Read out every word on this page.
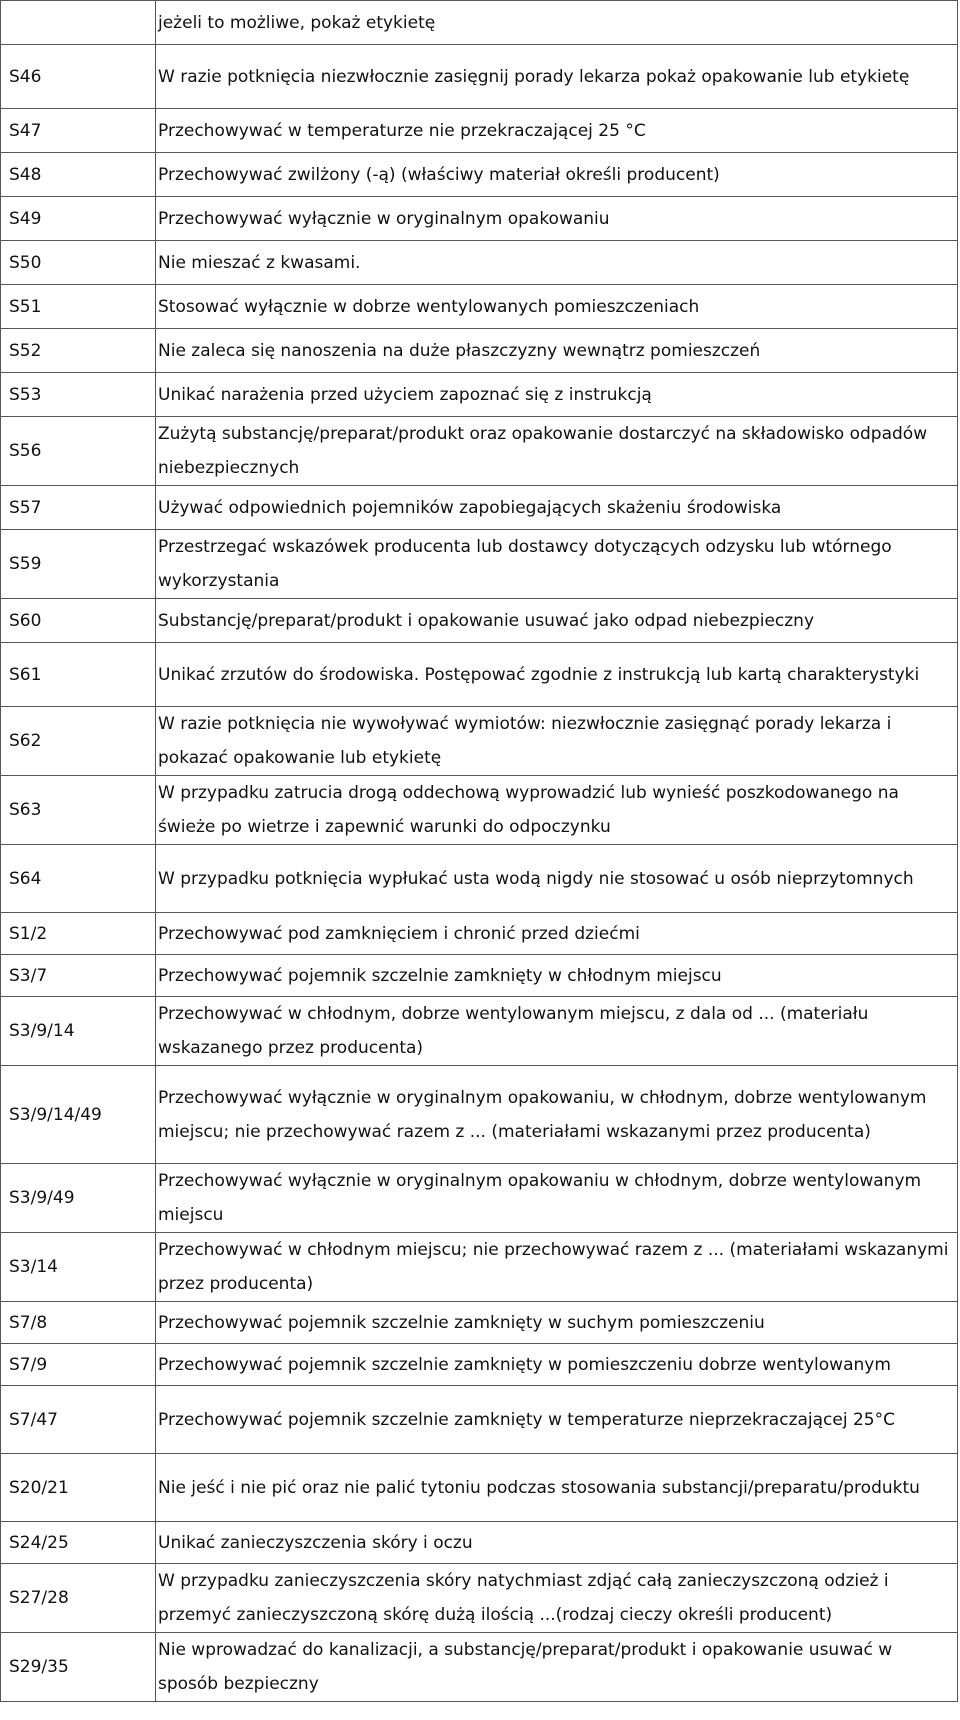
	jeżeli to możliwe, pokaż etykietę
S46	W razie potknięcia niezwłocznie zasięgnij porady lekarza pokaż opakowanie lub etykietę
S47	Przechowywać w temperaturze nie przekraczającej 25 °C
S48	Przechowywać zwilżony (-ą) (właściwy materiał określi producent)
S49	Przechowywać wyłącznie w oryginalnym opakowaniu
S50	Nie mieszać z kwasami.
S51	Stosować wyłącznie w dobrze wentylowanych pomieszczeniach
S52	Nie zaleca się nanoszenia na duże płaszczyzny wewnątrz pomieszczeń
S53	Unikać narażenia przed użyciem zapoznać się z instrukcją
S56	Zużytą substancję/preparat/produkt oraz opakowanie dostarczyć na składowisko odpadów niebezpiecznych
S57	Używać odpowiednich pojemników zapobiegających skażeniu środowiska
S59	Przestrzegać wskazówek producenta lub dostawcy dotyczących odzysku lub wtórnego wykorzystania
S60	Substancję/preparat/produkt i opakowanie usuwać jako odpad niebezpieczny
S61	Unikać zrzutów do środowiska. Postępować zgodnie z instrukcją lub kartą charakterystyki
S62	W razie potknięcia nie wywoływać wymiotów: niezwłocznie zasięgnąć porady lekarza i pokazać opakowanie lub etykietę
S63	W przypadku zatrucia drogą oddechową wyprowadzić lub wynieść poszkodowanego na świeże po wietrze i zapewnić warunki do odpoczynku
S64	W przypadku potknięcia wypłukać usta wodą nigdy nie stosować u osób nieprzytomnych
S1/2	Przechowywać pod zamknięciem i chronić przed dziećmi
S3/7	Przechowywać pojemnik szczelnie zamknięty w chłodnym miejscu
S3/9/14	Przechowywać w chłodnym, dobrze wentylowanym miejscu, z dala od ... (materiału wskazanego przez producenta)
S3/9/14/49	Przechowywać wyłącznie w oryginalnym opakowaniu, w chłodnym, dobrze wentylowanym miejscu; nie przechowywać razem z ... (materiałami wskazanymi przez producenta)
S3/9/49	Przechowywać wyłącznie w oryginalnym opakowaniu w chłodnym, dobrze wentylowanym miejscu
S3/14	Przechowywać w chłodnym miejscu; nie przechowywać razem z ... (materiałami wskazanymi przez producenta)
S7/8	Przechowywać pojemnik szczelnie zamknięty w suchym pomieszczeniu
S7/9	Przechowywać pojemnik szczelnie zamknięty w pomieszczeniu dobrze wentylowanym
S7/47	Przechowywać pojemnik szczelnie zamknięty w temperaturze nieprzekraczającej 25°C
S20/21	Nie jeść i nie pić oraz nie palić tytoniu podczas stosowania substancji/preparatu/produktu
S24/25	Unikać zanieczyszczenia skóry i oczu
S27/28	W przypadku zanieczyszczenia skóry natychmiast zdjąć całą zanieczyszczoną odzież i przemyć zanieczyszczoną skórę dużą ilością ...(rodzaj cieczy określi producent)
S29/35	Nie wprowadzać do kanalizacji, a substancję/preparat/produkt i opakowanie usuwać w sposób bezpieczny
